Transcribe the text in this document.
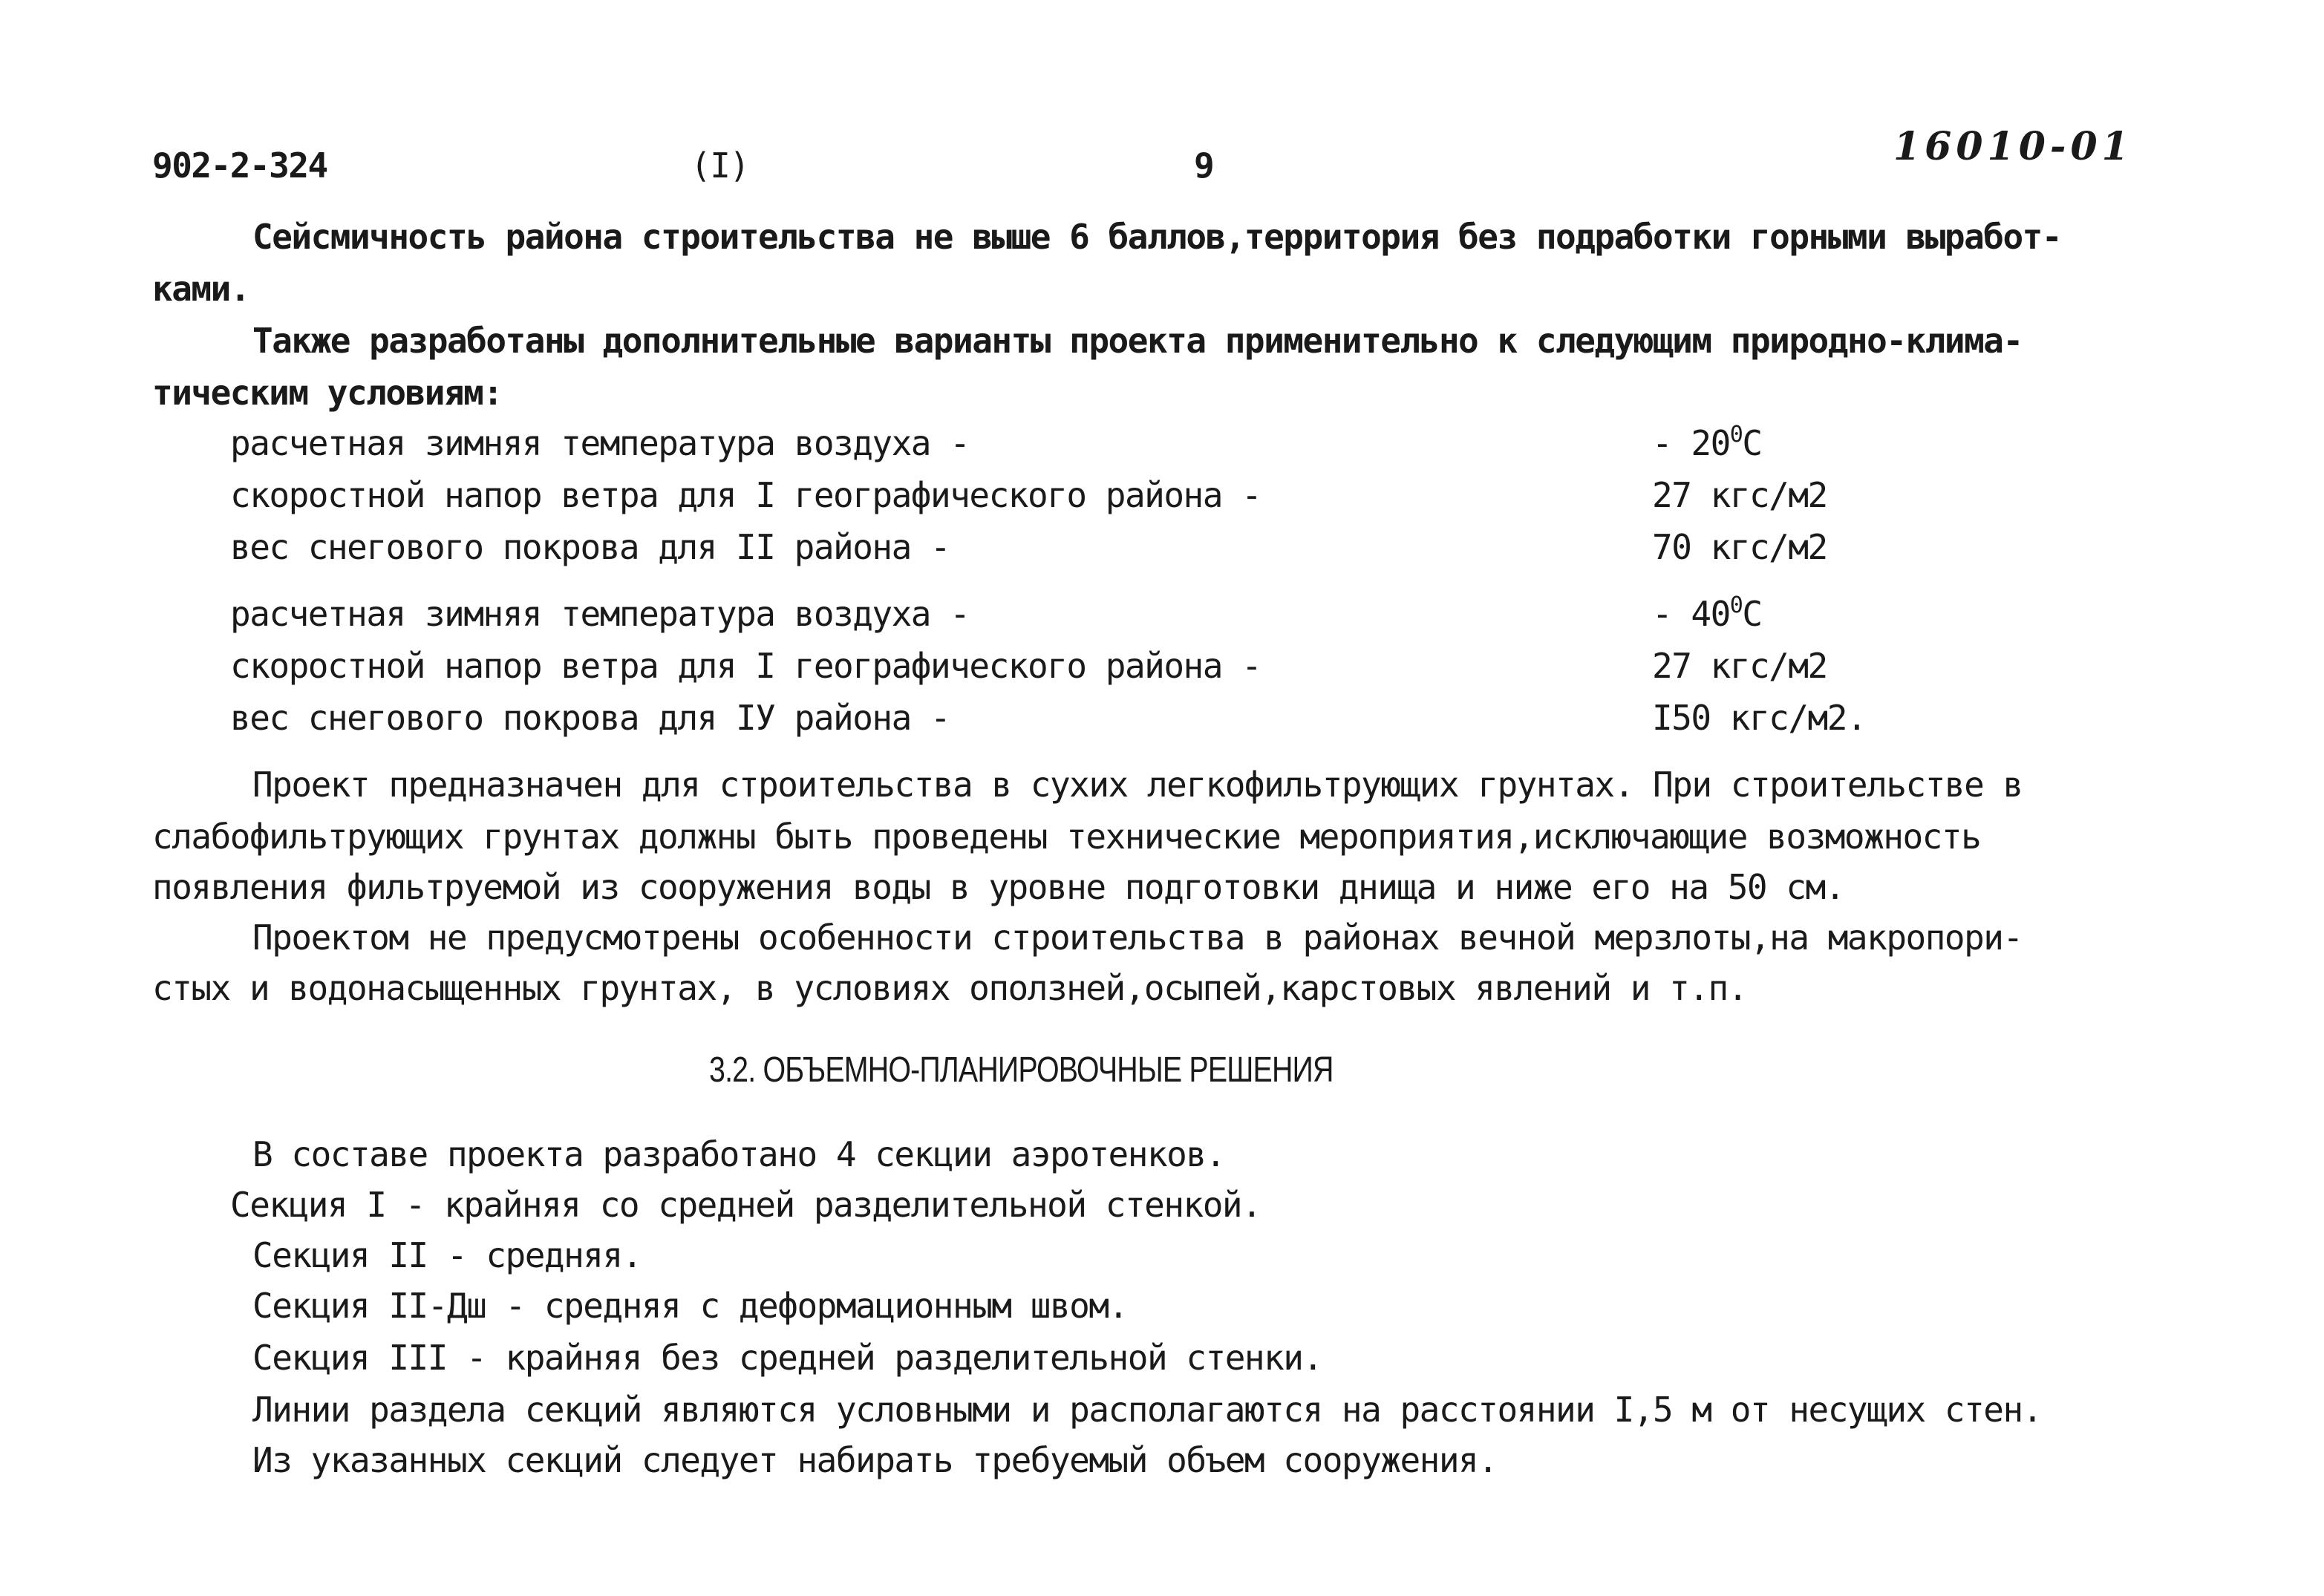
902-2-324	(I)	9	16010-01
Сейсмичность района строительства не выше 6 баллов,территория без подработки горными выработ-
ками.
Также разработаны дополнительные варианты проекта применительно к следующим природно-клима-
тическим условиям:
расчетная зимняя температура воздуха -	- $20^0C$
скоростной напор ветра для I географического района -	27 кгс/м2
вес снегового покрова для II района -	70 кгс/м2
расчетная зимняя температура воздуха -	- $40^0C$
скоростной напор ветра для I географического района -	27 кгс/м2
вес снегового покрова для IУ района -	I50 кгс/м2.
Проект предназначен для строительства в сухих легкофильтрующих грунтах. При строительстве в
слабофильтрующих грунтах должны быть проведены технические мероприятия,исключающие возможность
появления фильтруемой из сооружения воды в уровне подготовки днища и ниже его на 50 см.
Проектом не предусмотрены особенности строительства в районах вечной мерзлоты,на макропори-
стых и водонасыщенных грунтах, в условиях оползней,осыпей,карстовых явлений и т.п.
3.2. ОБЪЕМНО-ПЛАНИРОВОЧНЫЕ РЕШЕНИЯ
В составе проекта разработано 4 секции аэротенков.
Секция I - крайняя со средней разделительной стенкой.
Секция II - средняя.
Секция II-Дш - средняя с деформационным швом.
Секция III - крайняя без средней разделительной стенки.
Линии раздела секций являются условными и располагаются на расстоянии I,5 м от несущих стен.
Из указанных секций следует набирать требуемый объем сооружения.
